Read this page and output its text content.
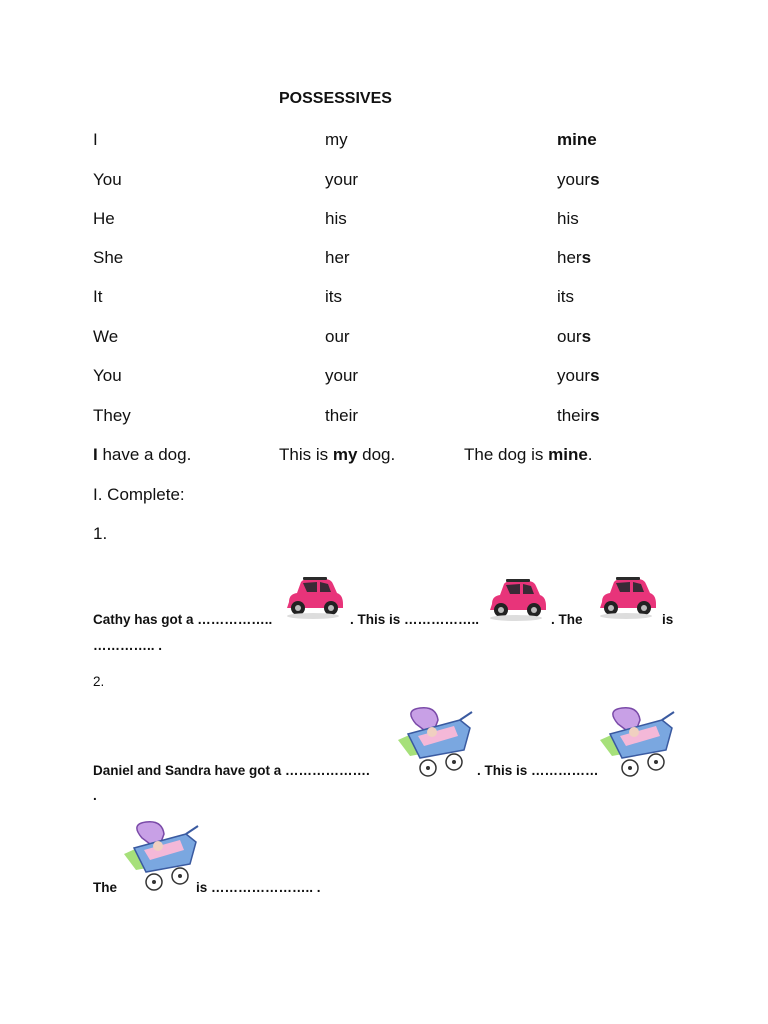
POSSESSIVES
I	my	mine
You	your	yours
He	his	his
She	her	hers
It	its	its
We	our	ours
You	your	yours
They	their	theirs
I have a dog.	This is my dog.	The dog is mine.
I. Complete:
1.
Cathy has got a ……………..	. This is ……………..	. The	is
………….. .
2.
Daniel and Sandra have got a ……………….	. This is ……………
.
The	is ………………….. .
